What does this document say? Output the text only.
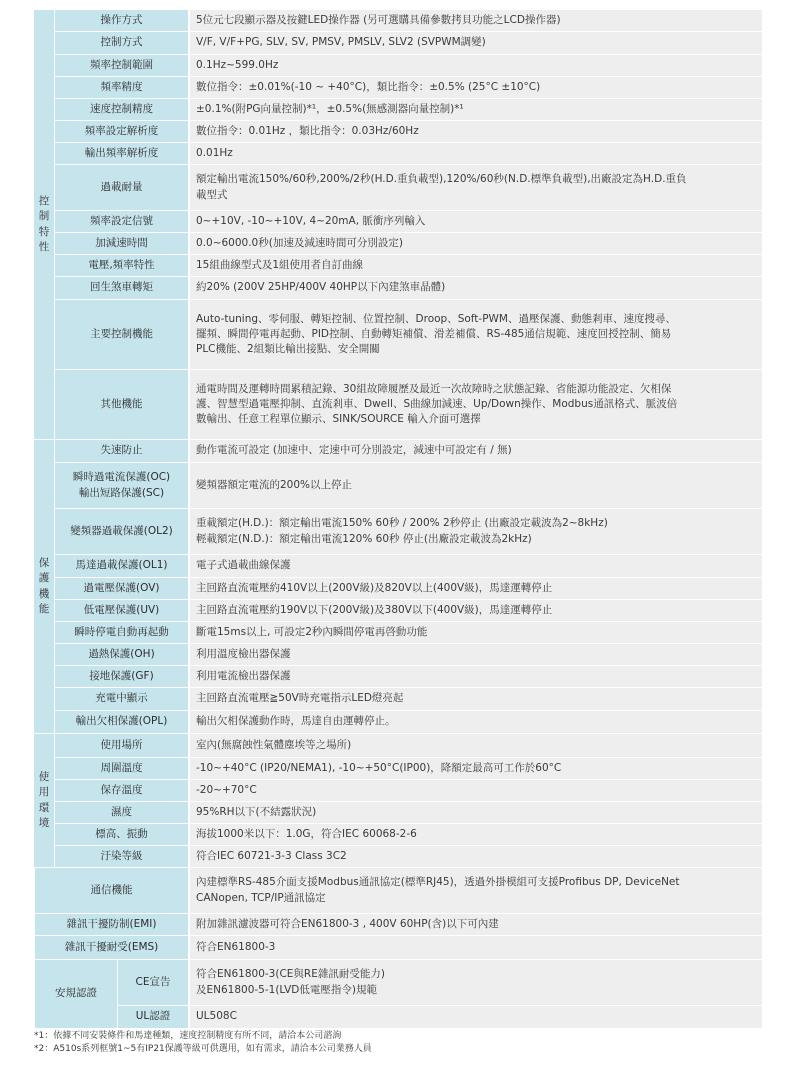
控制特性	操作方式		5位元七段顯示器及按鍵LED操作器 (另可選購具備參數拷貝功能之LCD操作器)

	控制方式		V/F, V/F+PG, SLV, SV, PMSV, PMSLV, SLV2 (SVPWM調變)

	頻率控制範圍		0.1Hz~599.0Hz

	頻率精度		數位指令：±0.01%(-10 ~ +40°C)，類比指令：±0.5% (25°C ±10°C)

	速度控制精度		±0.1%(附PG向量控制)*¹，±0.5%(無感測器向量控制)*¹

	頻率設定解析度		數位指令：0.01Hz ，類比指令：0.03Hz/60Hz

	輸出頻率解析度		0.01Hz

	過載耐量		額定輸出電流150%/60秒,200%/2秒(H.D.重負載型),120%/60秒(N.D.標準負載型),出廠設定為H.D.重負
載型式

	頻率設定信號		0~+10V, -10~+10V, 4~20mA, 脈衝序列輸入

	加減速時間		0.0~6000.0秒(加速及減速時間可分別設定)

	電壓,頻率特性		15組曲線型式及1組使用者自訂曲線

	回生煞車轉矩		約20% (200V 25HP/400V 40HP以下內建煞車晶體)

	主要控制機能		Auto-tuning、零伺服、轉矩控制、位置控制、Droop、Soft-PWM、過壓保護、動態剎車、速度搜尋、
擺頻、瞬間停電再起動、PID控制、自動轉矩補償、滑差補償、RS-485通信規範、速度回授控制、簡易
PLC機能、2組類比輸出接點、安全開關

	其他機能		通電時間及運轉時間累積記錄、30組故障履歷及最近一次故障時之狀態記錄、省能源功能設定、欠相保
護、智慧型過電壓抑制、直流剎車、Dwell、S曲線加減速、Up/Down操作、Modbus通訊格式、脈波倍
數輸出、任意工程單位顯示、SINK/SOURCE 輸入介面可選擇

保護機能	失速防止		動作電流可設定 (加速中、定速中可分別設定，減速中可設定有 / 無)

	瞬時過電流保護(OC)
輸出短路保護(SC)		變頻器額定電流的200%以上停止

	變頻器過載保護(OL2)		重載額定(H.D.)：額定輸出電流150% 60秒 / 200% 2秒停止 (出廠設定載波為2~8kHz)
輕載額定(N.D.)：額定輸出電流120% 60秒 停止(出廠設定載波為2kHz)

	馬達過載保護(OL1)		電子式過載曲線保護

	過電壓保護(OV)		主回路直流電壓約410V以上(200V級)及820V以上(400V級)，馬達運轉停止

	低電壓保護(UV)		主回路直流電壓約190V以下(200V級)及380V以下(400V級)，馬達運轉停止

	瞬時停電自動再起動		斷電15ms以上, 可設定2秒內瞬間停電再啓動功能

	過熱保護(OH)		利用溫度檢出器保護

	接地保護(GF)		利用電流檢出器保護

	充電中顯示		主回路直流電壓≧50V時充電指示LED燈亮起

	輸出欠相保護(OPL)		輸出欠相保護動作時，馬達自由運轉停止。

使用環境	使用場所		室內(無腐蝕性氣體塵埃等之場所)

	周圍溫度		-10~+40°C (IP20/NEMA1), -10~+50°C(IP00)，降額定最高可工作於60°C

	保存溫度		-20~+70°C

	濕度		95%RH以下(不結露狀況)

	標高、振動		海拔1000米以下：1.0G，符合IEC 60068-2-6

	汙染等級		符合IEC 60721-3-3 Class 3C2

通信機能			內建標準RS-485介面支援Modbus通訊協定(標準RJ45)，透過外掛模組可支援Profibus DP, DeviceNet
CANopen, TCP/IP通訊協定

雜訊干擾防制(EMI)			附加雜訊濾波器可符合EN61800-3 , 400V 60HP(含)以下可內建

雜訊干擾耐受(EMS)			符合EN61800-3

安規認證		CE宣告	符合EN61800-3(CE與RE雜訊耐受能力)
及EN61800-5-1(LVD低電壓指令)規範

		UL認證	UL508C
*1：依據不同安裝條件和馬達種類，速度控制精度有所不同，請洽本公司諮詢
*2：A510s系列框號1~5有IP21保護等級可供選用，如有需求，請洽本公司業務人員
